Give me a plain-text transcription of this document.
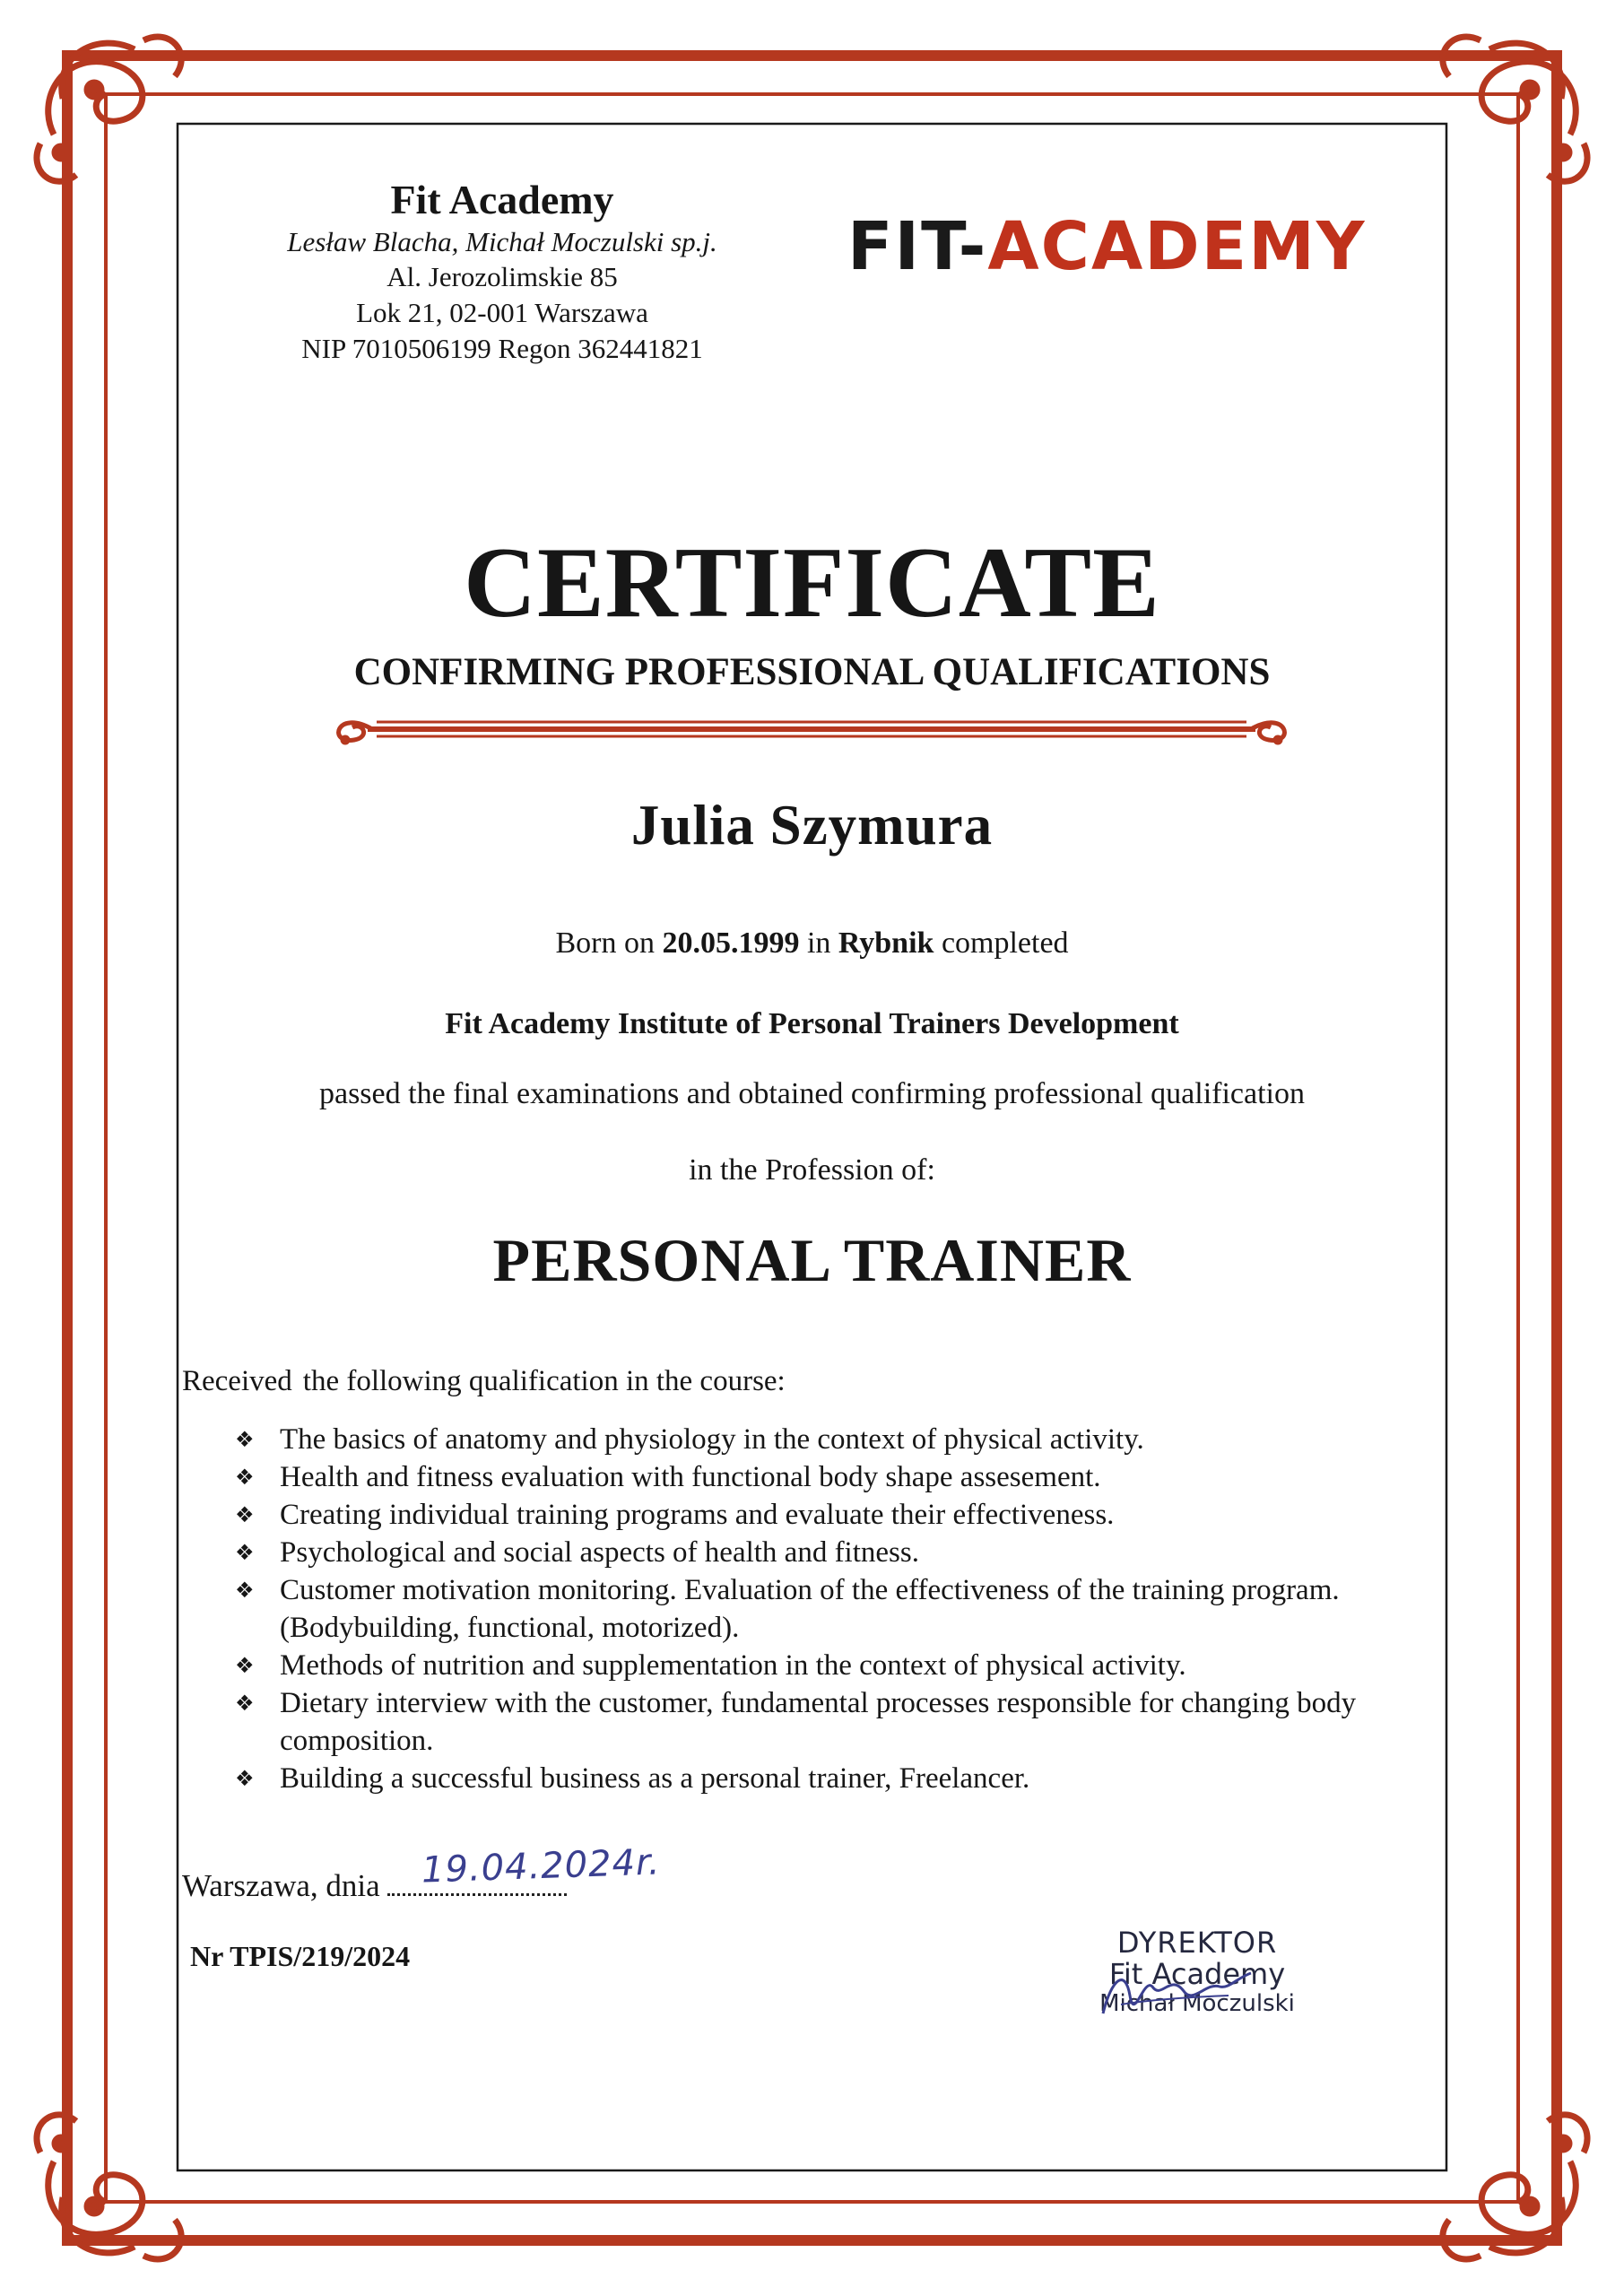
Fit Academy
Lesław Blacha, Michał Moczulski sp.j.
Al. Jerozolimskie 85
Lok 21, 02-001 Warszawa
NIP 7010506199 Regon 362441821
FIT-ACADEMY
CERTIFICATE
CONFIRMING PROFESSIONAL QUALIFICATIONS
Julia Szymura
Born on 20.05.1999 in Rybnik completed
Fit Academy Institute of Personal Trainers Development
passed the final examinations and obtained confirming professional qualification
in the Profession of:
PERSONAL TRAINER
Received the following qualification in the course:
❖ The basics of anatomy and physiology in the context of physical activity.
❖ Health and fitness evaluation with functional body shape assesement.
❖ Creating individual training programs and evaluate their effectiveness.
❖ Psychological and social aspects of health and fitness.
❖ Customer motivation monitoring. Evaluation of the effectiveness of the training program. (Bodybuilding, functional, motorized).
❖ Methods of nutrition and supplementation in the context of physical activity.
❖ Dietary interview with the customer, fundamental processes responsible for changing body composition.
❖ Building a successful business as a personal trainer, Freelancer.
Warszawa, dnia	19.04.2024r.
Nr TPIS/219/2024	DYREKTOR
Fit Academy
Michał Moczulski
